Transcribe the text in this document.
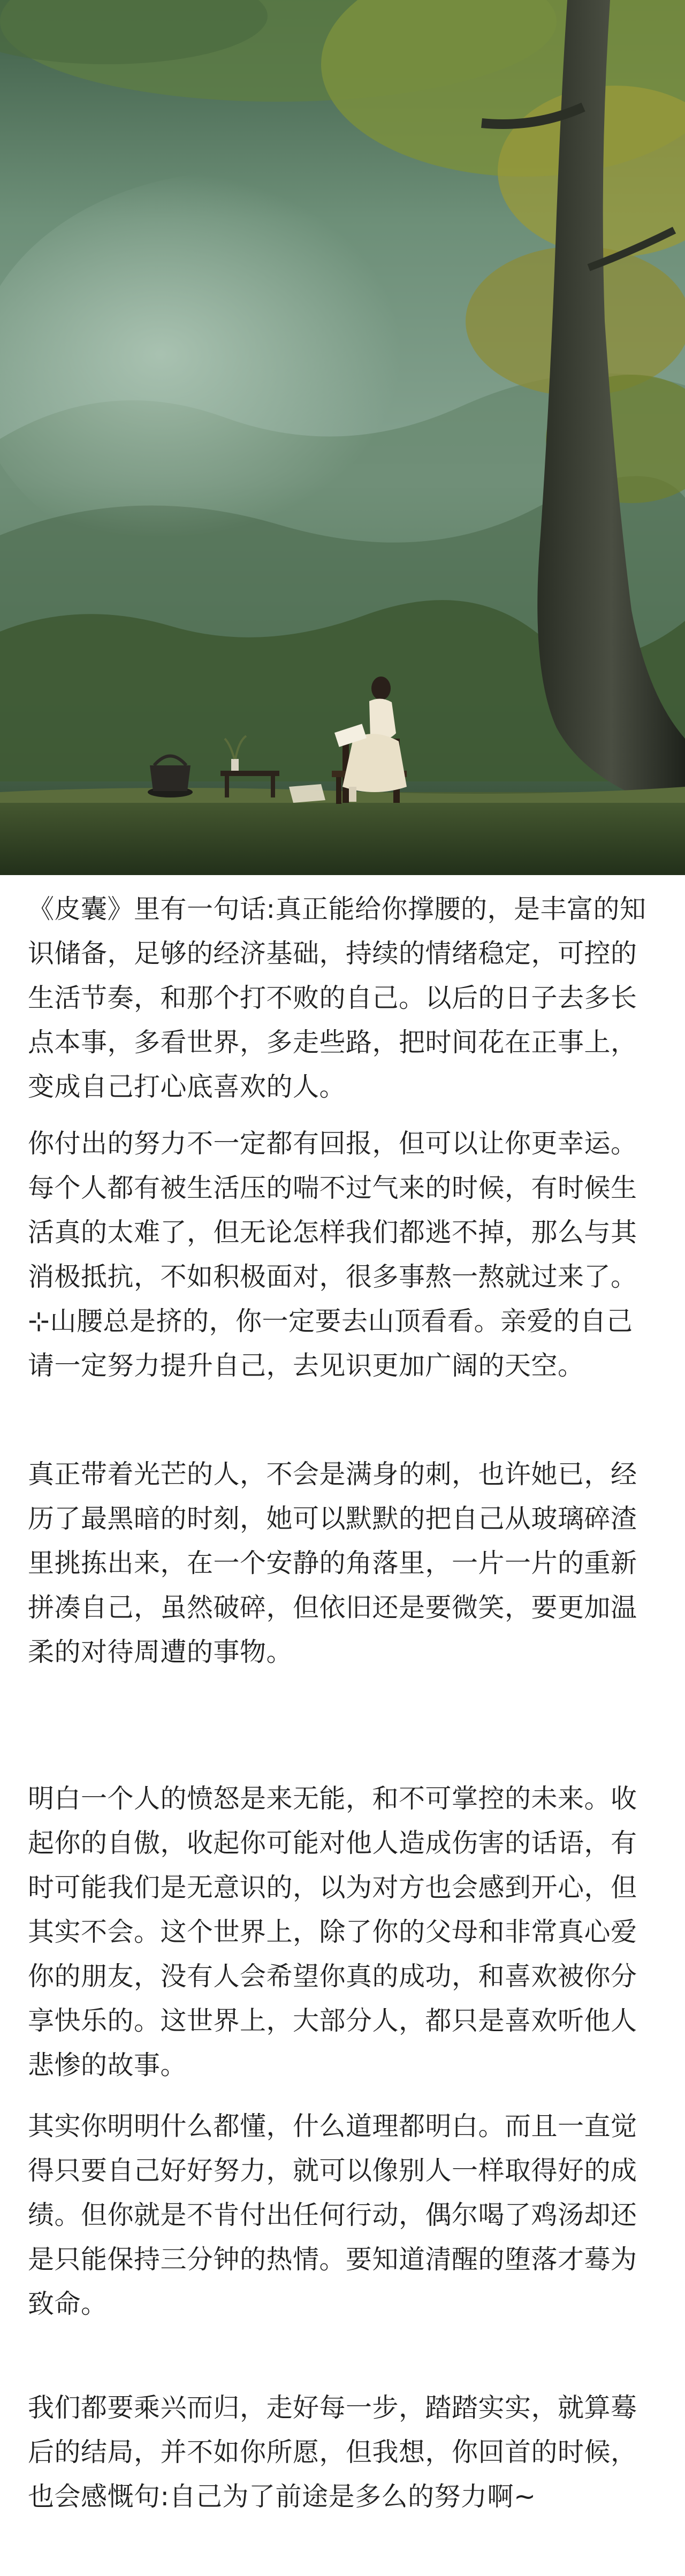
《皮囊》里有一句话:真正能给你撑腰的，是丰富的知识储备，足够的经济基础，持续的情绪稳定，可控的生活节奏，和那个打不败的自己。以后的日子去多长点本事，多看世界，多走些路，把时间花在正事上，变成自己打心底喜欢的人。

你付出的努力不一定都有回报，但可以让你更幸运。每个人都有被生活压的喘不过气来的时候，有时候生活真的太难了，但无论怎样我们都逃不掉，那么与其消极抵抗，不如积极面对，很多事熬一熬就过来了。⊹山腰总是挤的，你一定要去山顶看看。亲爱的自己请一定努力提升自己，去见识更加广阔的天空。

真正带着光芒的人，不会是满身的刺，也许她已，经历了最黑暗的时刻，她可以默默的把自己从玻璃碎渣里挑拣出来，在一个安静的角落里，一片一片的重新拼凑自己，虽然破碎，但依旧还是要微笑，要更加温柔的对待周遭的事物。

明白一个人的愤怒是来无能，和不可掌控的未来。收起你的自傲，收起你可能对他人造成伤害的话语，有时可能我们是无意识的，以为对方也会感到开心，但其实不会。这个世界上，除了你的父母和非常真心爱你的朋友，没有人会希望你真的成功，和喜欢被你分享快乐的。这世界上，大部分人，都只是喜欢听他人悲惨的故事。

其实你明明什么都懂，什么道理都明白。而且一直觉得只要自己好好努力，就可以像别人一样取得好的成绩。但你就是不肯付出任何行动，偶尔喝了鸡汤却还是只能保持三分钟的热情。要知道清醒的堕落才蓦为致命。

我们都要乘兴而归，走好每一步，踏踏实实，就算蓦后的结局，并不如你所愿，但我想，你回首的时候，也会感慨句:自己为了前途是多么的努力啊~
